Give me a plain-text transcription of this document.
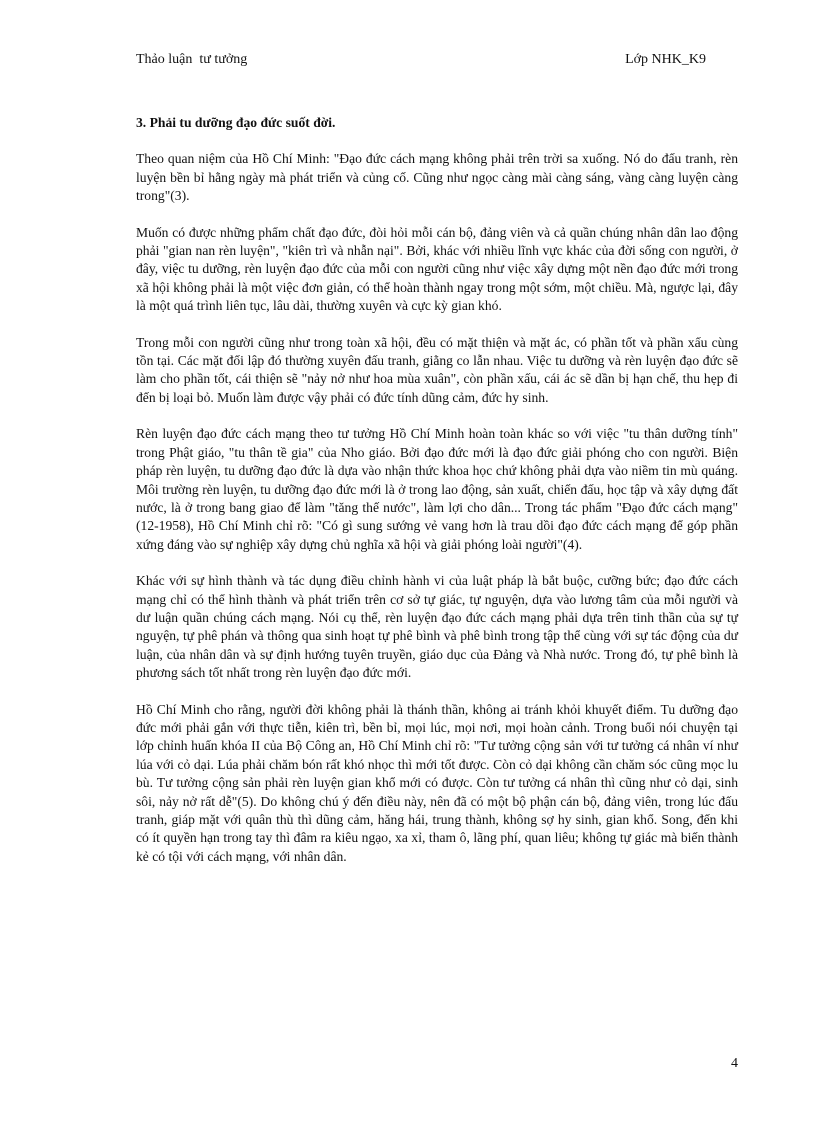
Thảo luận  tư tưởng	Lớp NHK_K9
3. Phải tu dưỡng đạo đức suốt đời.

Theo quan niệm của Hồ Chí Minh: "Đạo đức cách mạng không phải trên trời sa xuống. Nó do đấu tranh, rèn luyện bền bỉ hằng ngày mà phát triển và củng cố. Cũng như ngọc càng mài càng sáng, vàng càng luyện càng trong"(3).

Muốn có được những phẩm chất đạo đức, đòi hỏi mỗi cán bộ, đảng viên và cả quần chúng nhân dân lao động phải "gian nan rèn luyện", "kiên trì và nhẫn nại". Bởi, khác với nhiều lĩnh vực khác của đời sống con người, ở đây, việc tu dưỡng, rèn luyện đạo đức của mỗi con người cũng như việc xây dựng một nền đạo đức mới trong xã hội không phải là một việc đơn giản, có thể hoàn thành ngay trong một sớm, một chiều. Mà, ngược lại, đây là một quá trình liên tục, lâu dài, thường xuyên và cực kỳ gian khó.

Trong mỗi con người cũng như trong toàn xã hội, đều có mặt thiện và mặt ác, có phần tốt và phần xấu cùng tồn tại. Các mặt đối lập đó thường xuyên đấu tranh, giằng co lẫn nhau. Việc tu dưỡng và rèn luyện đạo đức sẽ làm cho phần tốt, cái thiện sẽ "nảy nở như hoa mùa xuân", còn phần xấu, cái ác sẽ dần bị hạn chế, thu hẹp đi đến bị loại bỏ. Muốn làm được vậy phải có đức tính dũng cảm, đức hy sinh.

Rèn luyện đạo đức cách mạng theo tư tưởng Hồ Chí Minh hoàn toàn khác so với việc "tu thân dưỡng tính" trong Phật giáo, "tu thân tề gia" của Nho giáo. Bởi đạo đức mới là đạo đức giải phóng cho con người. Biện pháp rèn luyện, tu dưỡng đạo đức là dựa vào nhận thức khoa học chứ không phải dựa vào niềm tin mù quáng. Môi trường rèn luyện, tu dưỡng đạo đức mới là ở trong lao động, sản xuất, chiến đấu, học tập và xây dựng đất nước, là ở trong bang giao để làm "tăng thế nước", làm lợi cho dân... Trong tác phẩm "Đạo đức cách mạng" (12-1958), Hồ Chí Minh chỉ rõ: "Có gì sung sướng vẻ vang hơn là trau dồi đạo đức cách mạng để góp phần xứng đáng vào sự nghiệp xây dựng chủ nghĩa xã hội và giải phóng loài người"(4).

Khác với sự hình thành và tác dụng điều chỉnh hành vi của luật pháp là bắt buộc, cưỡng bức; đạo đức cách mạng chỉ có thể hình thành và phát triển trên cơ sở tự giác, tự nguyện, dựa vào lương tâm của mỗi người và dư luận quần chúng cách mạng. Nói cụ thể, rèn luyện đạo đức cách mạng phải dựa trên tinh thần của sự tự nguyện, tự phê phán và thông qua sinh hoạt tự phê bình và phê bình trong tập thể cùng với sự tác động của dư luận, của nhân dân và sự định hướng tuyên truyền, giáo dục của Đảng và Nhà nước. Trong đó, tự phê bình là phương sách tốt nhất trong rèn luyện đạo đức mới.

Hồ Chí Minh cho rằng, người đời không phải là thánh thần, không ai tránh khỏi khuyết điểm. Tu dưỡng đạo đức mới phải gắn với thực tiễn, kiên trì, bền bỉ, mọi lúc, mọi nơi, mọi hoàn cảnh. Trong buổi nói chuyện tại lớp chỉnh huấn khóa II của Bộ Công an, Hồ Chí Minh chỉ rõ: "Tư tưởng cộng sản với tư tưởng cá nhân ví như lúa với cỏ dại. Lúa phải chăm bón rất khó nhọc thì mới tốt được. Còn cỏ dại không cần chăm sóc cũng mọc lu bù. Tư tưởng cộng sản phải rèn luyện gian khổ mới có được. Còn tư tưởng cá nhân thì cũng như cỏ dại, sinh sôi, nảy nở rất dễ"(5). Do không chú ý đến điều này, nên đã có một bộ phận cán bộ, đảng viên, trong lúc đấu tranh, giáp mặt với quân thù thì dũng cảm, hăng hái, trung thành, không sợ hy sinh, gian khổ. Song, đến khi có ít quyền hạn trong tay thì đâm ra kiêu ngạo, xa xỉ, tham ô, lãng phí, quan liêu; không tự giác mà biến thành kẻ có tội với cách mạng, với nhân dân.

4
